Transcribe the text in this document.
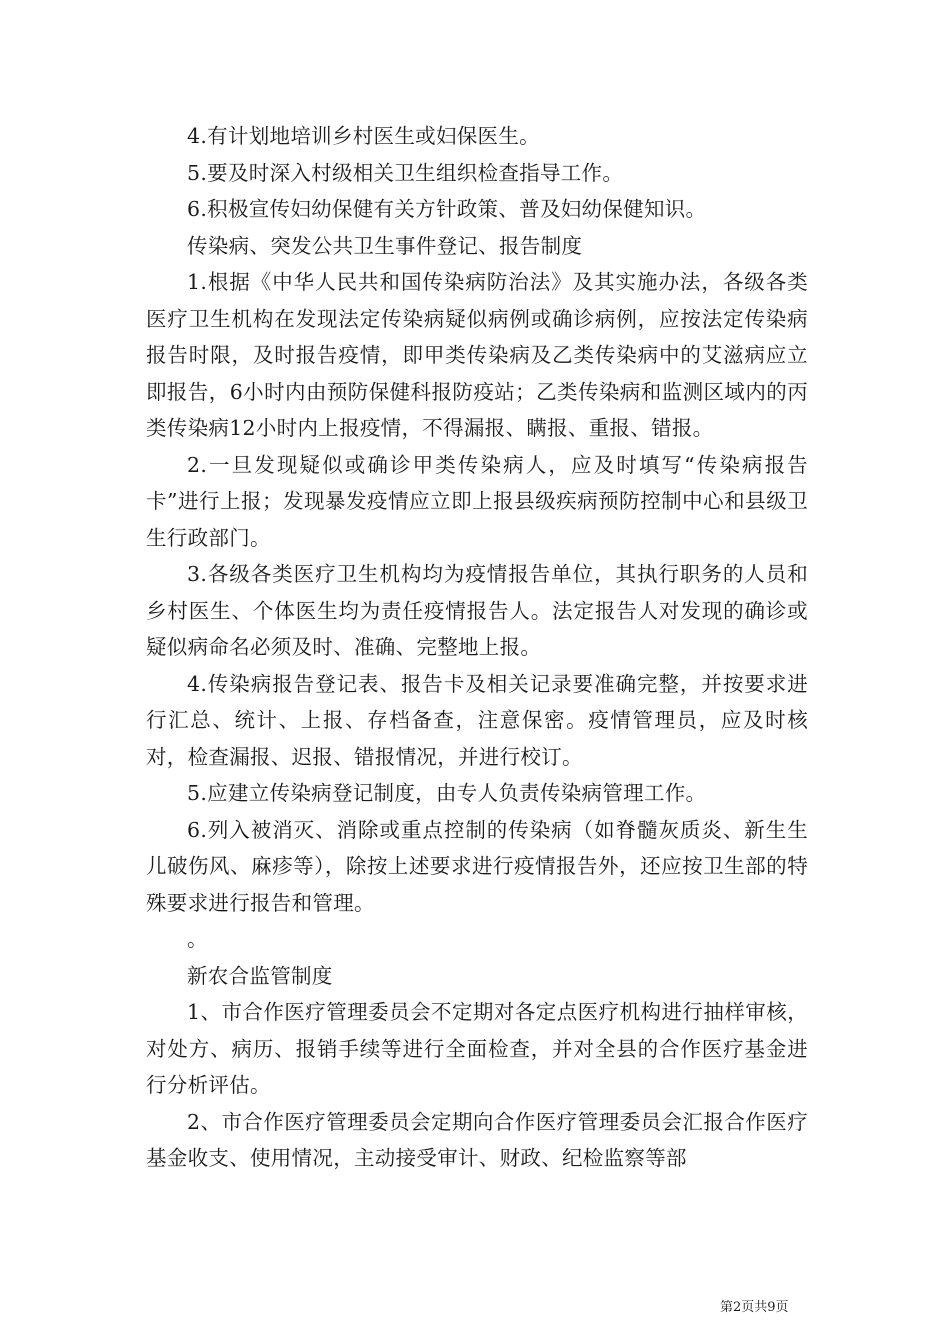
4.有计划地培训乡村医生或妇保医生。

5.要及时深入村级相关卫生组织检查指导工作。

6.积极宣传妇幼保健有关方针政策、普及妇幼保健知识。

传染病、突发公共卫生事件登记、报告制度

1.根据《中华人民共和国传染病防治法》及其实施办法，各级各类医疗卫生机构在发现法定传染病疑似病例或确诊病例，应按法定传染病报告时限，及时报告疫情，即甲类传染病及乙类传染病中的艾滋病应立即报告，6小时内由预防保健科报防疫站；乙类传染病和监测区域内的丙类传染病12小时内上报疫情，不得漏报、瞒报、重报、错报。

2.一旦发现疑似或确诊甲类传染病人，应及时填写“传染病报告卡”进行上报；发现暴发疫情应立即上报县级疾病预防控制中心和县级卫生行政部门。

3.各级各类医疗卫生机构均为疫情报告单位，其执行职务的人员和乡村医生、个体医生均为责任疫情报告人。法定报告人对发现的确诊或疑似病命名必须及时、准确、完整地上报。

4.传染病报告登记表、报告卡及相关记录要准确完整，并按要求进行汇总、统计、上报、存档备查，注意保密。疫情管理员，应及时核对，检查漏报、迟报、错报情况，并进行校订。

5.应建立传染病登记制度，由专人负责传染病管理工作。

6.列入被消灭、消除或重点控制的传染病（如脊髓灰质炎、新生生儿破伤风、麻疹等），除按上述要求进行疫情报告外，还应按卫生部的特殊要求进行报告和管理。

。

新农合监管制度

1、市合作医疗管理委员会不定期对各定点医疗机构进行抽样审核，对处方、病历、报销手续等进行全面检查，并对全县的合作医疗基金进行分析评估。

2、市合作医疗管理委员会定期向合作医疗管理委员会汇报合作医疗基金收支、使用情况，主动接受审计、财政、纪检监察等部

第2页共9页
